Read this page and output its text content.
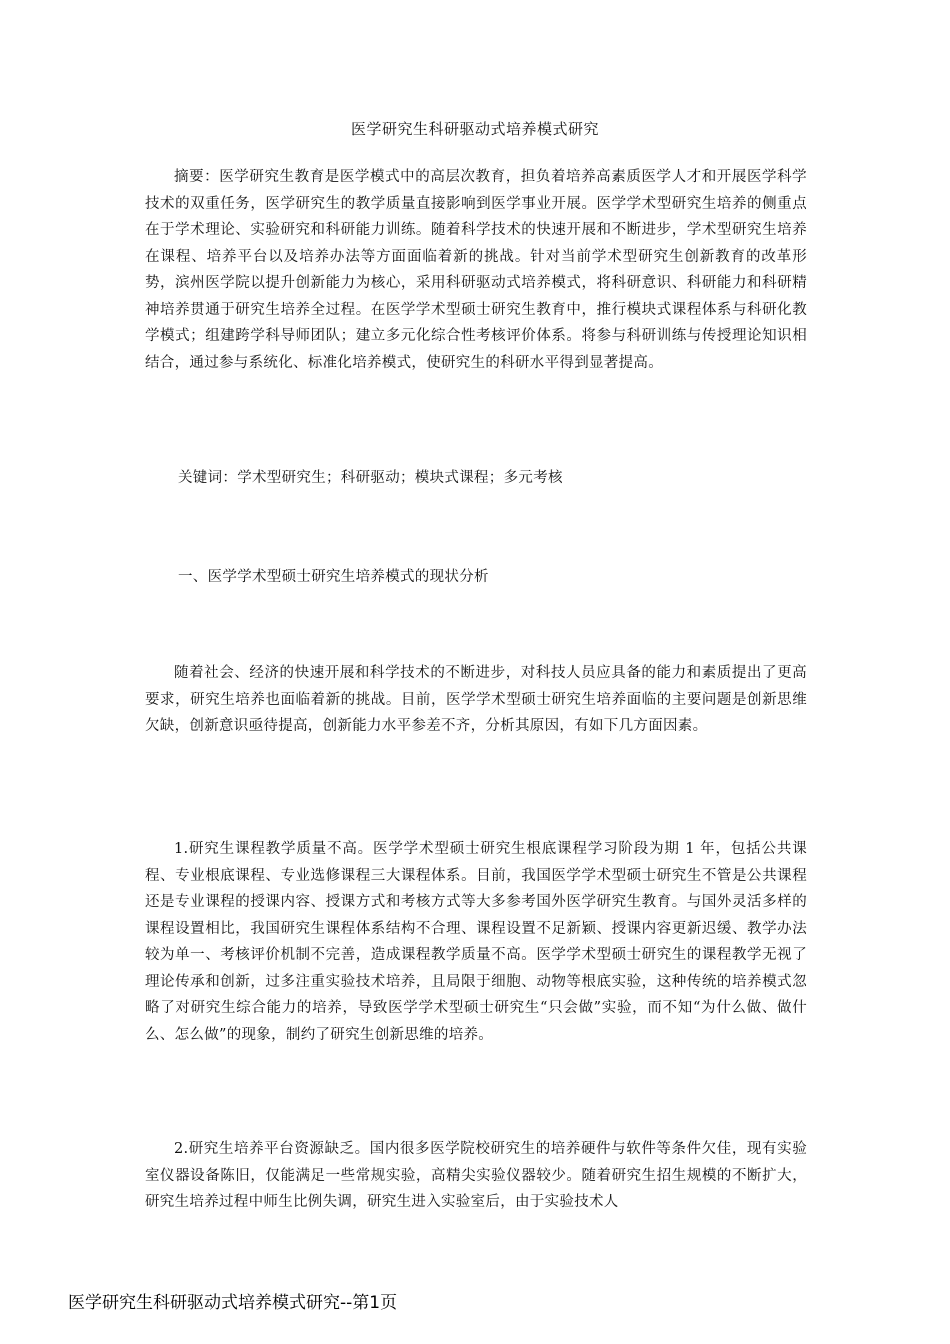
医学研究生科研驱动式培养模式研究

摘要：医学研究生教育是医学模式中的高层次教育，担负着培养高素质医学人才和开展医学科学技术的双重任务，医学研究生的教学质量直接影响到医学事业开展。医学学术型研究生培养的侧重点在于学术理论、实验研究和科研能力训练。随着科学技术的快速开展和不断进步，学术型研究生培养在课程、培养平台以及培养办法等方面面临着新的挑战。针对当前学术型研究生创新教育的改革形势，滨州医学院以提升创新能力为核心，采用科研驱动式培养模式，将科研意识、科研能力和科研精神培养贯通于研究生培养全过程。在医学学术型硕士研究生教育中，推行模块式课程体系与科研化教学模式；组建跨学科导师团队；建立多元化综合性考核评价体系。将参与科研训练与传授理论知识相结合，通过参与系统化、标准化培养模式，使研究生的科研水平得到显著提高。

关键词：学术型研究生；科研驱动；模块式课程；多元考核
一、医学学术型硕士研究生培养模式的现状分析

随着社会、经济的快速开展和科学技术的不断进步，对科技人员应具备的能力和素质提出了更高要求，研究生培养也面临着新的挑战。目前，医学学术型硕士研究生培养面临的主要问题是创新思维欠缺，创新意识亟待提高，创新能力水平参差不齐，分析其原因，有如下几方面因素。

1.研究生课程教学质量不高。医学学术型硕士研究生根底课程学习阶段为期 1 年，包括公共课程、专业根底课程、专业选修课程三大课程体系。目前，我国医学学术型硕士研究生不管是公共课程还是专业课程的授课内容、授课方式和考核方式等大多参考国外医学研究生教育。与国外灵活多样的课程设置相比，我国研究生课程体系结构不合理、课程设置不足新颖、授课内容更新迟缓、教学办法较为单一、考核评价机制不完善，造成课程教学质量不高。医学学术型硕士研究生的课程教学无视了理论传承和创新，过多注重实验技术培养，且局限于细胞、动物等根底实验，这种传统的培养模式忽略了对研究生综合能力的培养，导致医学学术型硕士研究生“只会做”实验，而不知“为什么做、做什么、怎么做”的现象，制约了研究生创新思维的培养。

2.研究生培养平台资源缺乏。国内很多医学院校研究生的培养硬件与软件等条件欠佳，现有实验室仪器设备陈旧，仅能满足一些常规实验，高精尖实验仪器较少。随着研究生招生规模的不断扩大，研究生培养过程中师生比例失调，研究生进入实验室后，由于实验技术人

医学研究生科研驱动式培养模式研究--第1页
